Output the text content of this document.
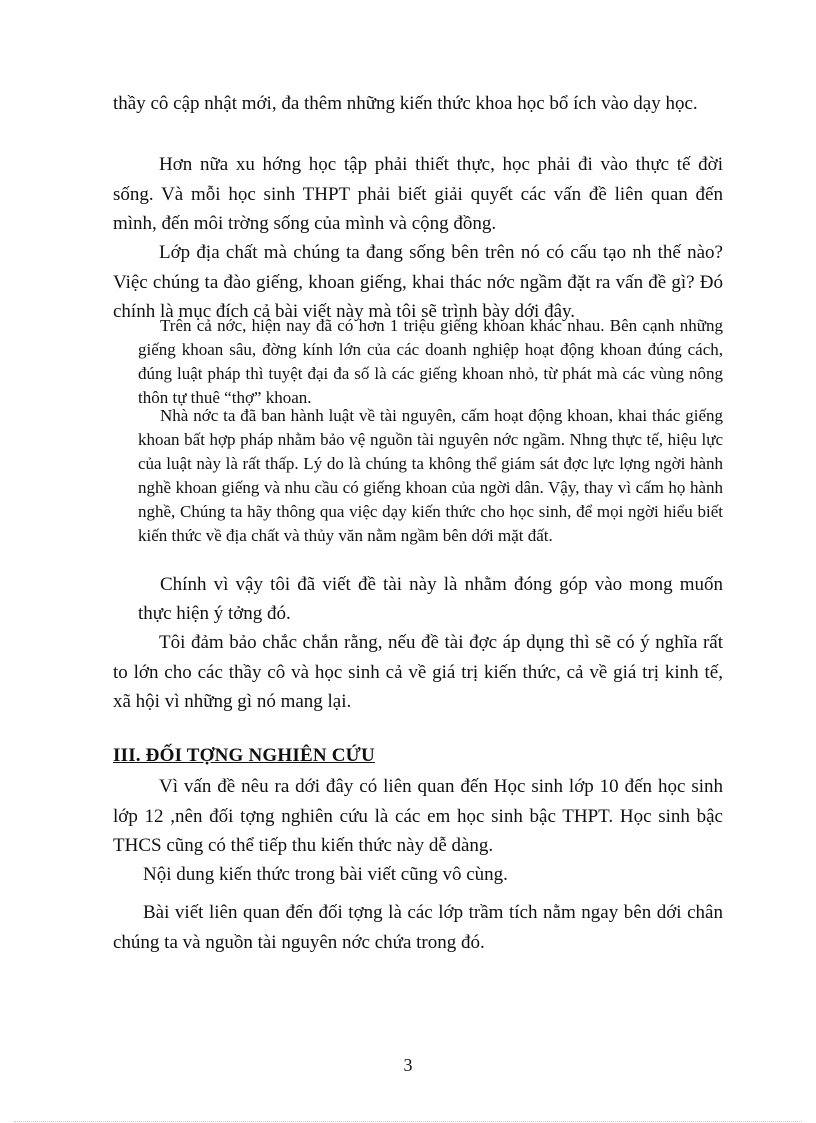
thầy cô cập nhật mới, đa thêm những kiến thức khoa học bổ ích vào dạy học.

Hơn nữa xu hớng học tập phải thiết thực, học phải đi vào thực tế đời sống. Và mỗi học sinh THPT phải biết giải quyết các vấn đề liên quan đến mình, đến môi trờng sống của mình và cộng đồng.

Lớp địa chất mà chúng ta đang sống bên trên nó có cấu tạo nh thế nào? Việc chúng ta đào giếng, khoan giếng, khai thác nớc ngầm đặt ra vấn đề gì? Đó chính là mục đích cả bài viết này mà tôi sẽ trình bày dới đây.

Trên cả nớc, hiện nay đã có hơn 1 triệu giếng khoan khác nhau. Bên cạnh những giếng khoan sâu, đờng kính lớn của các doanh nghiệp hoạt động khoan đúng cách, đúng luật pháp thì tuyệt đại đa số là các giếng khoan nhỏ, từ phát mà các vùng nông thôn tự thuê “thợ” khoan.

Nhà nớc ta đã ban hành luật về tài nguyên, cấm hoạt động khoan, khai thác giếng khoan bất hợp pháp nhằm bảo vệ nguồn tài nguyên nớc ngầm. Nhng thực tế, hiệu lực của luật này là rất thấp. Lý do là chúng ta không thể giám sát đợc lực lợng ngời hành nghề khoan giếng và nhu cầu có giếng khoan của ngời dân. Vậy, thay vì cấm họ hành nghề, Chúng ta hãy thông qua việc dạy kiến thức cho học sinh, để mọi ngời hiểu biết kiến thức về địa chất và thủy văn nằm ngầm bên dới mặt đất.

Chính vì vậy tôi đã viết đề tài này là nhằm đóng góp vào mong muốn thực hiện ý tởng đó.

Tôi đảm bảo chắc chắn rằng, nếu đề tài đợc áp dụng thì sẽ có ý nghĩa rất to lớn cho các thầy cô và học sinh cả về giá trị kiến thức, cả về giá trị kinh tế, xã hội vì những gì nó mang lại.

III. ĐỐI TỢNG NGHIÊN CỨU

Vì vấn đề nêu ra dới đây có liên quan đến Học sinh lớp 10 đến học sinh lớp 12 ,nên đối tợng nghiên cứu là các em học sinh bậc THPT. Học sinh bậc THCS cũng có thể tiếp thu kiến thức này dễ dàng.

Nội dung kiến thức trong bài viết cũng vô cùng.

Bài viết liên quan đến đối tợng là các lớp trầm tích nằm ngay bên dới chân chúng ta và nguồn tài nguyên nớc chứa trong đó.

3
